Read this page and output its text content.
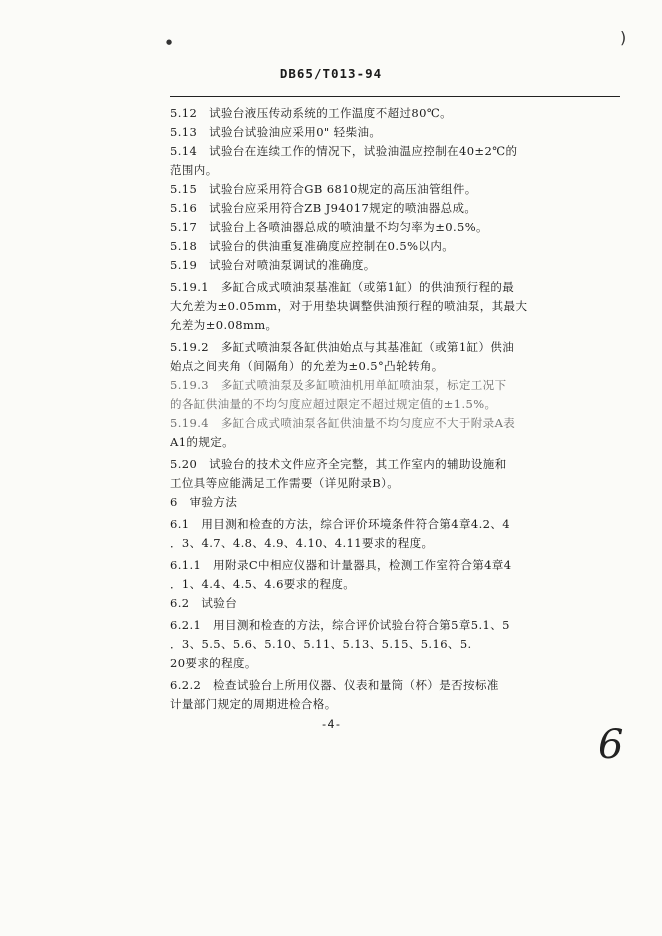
●	)
DB65/T013-94
5.12　试验台液压传动系统的工作温度不超过80℃。
5.13　试验台试验油应采用0" 轻柴油。
5.14　试验台在连续工作的情况下，试验油温应控制在40±2℃的
范围内。
5.15　试验台应采用符合GB 6810规定的高压油管组件。
5.16　试验台应采用符合ZB J94017规定的喷油器总成。
5.17　试验台上各喷油器总成的喷油量不均匀率为±0.5%。
5.18　试验台的供油重复准确度应控制在0.5%以内。
5.19　试验台对喷油泵调试的准确度。
5.19.1　多缸合成式喷油泵基准缸（或第1缸）的供油预行程的最
大允差为±0.05mm，对于用垫块调整供油预行程的喷油泵，其最大
允差为±0.08mm。
5.19.2　多缸式喷油泵各缸供油始点与其基准缸（或第1缸）供油
始点之间夹角（间隔角）的允差为±0.5°凸轮转角。
5.19.3　多缸式喷油泵及多缸喷油机用单缸喷油泵，标定工况下
的各缸供油量的不均匀度应超过限定不超过规定值的±1.5%。
5.19.4　多缸合成式喷油泵各缸供油量不均匀度应不大于附录A表
A1的规定。
5.20　试验台的技术文件应齐全完整，其工作室内的辅助设施和
工位具等应能满足工作需要（详见附录B）。
6　审验方法
6.1　用目测和检查的方法，综合评价环境条件符合第4章4.2、4
．3、4.7、4.8、4.9、4.10、4.11要求的程度。
6.1.1　用附录C中相应仪器和计量器具，检测工作室符合第4章4
．1、4.4、4.5、4.6要求的程度。
6.2　试验台
6.2.1　用目测和检查的方法，综合评价试验台符合第5章5.1、5
．3、5.5、5.6、5.10、5.11、5.13、5.15、5.16、5.
20要求的程度。
6.2.2　检查试验台上所用仪器、仪表和量筒（杯）是否按标准
计量部门规定的周期进检合格。
-4-	6
